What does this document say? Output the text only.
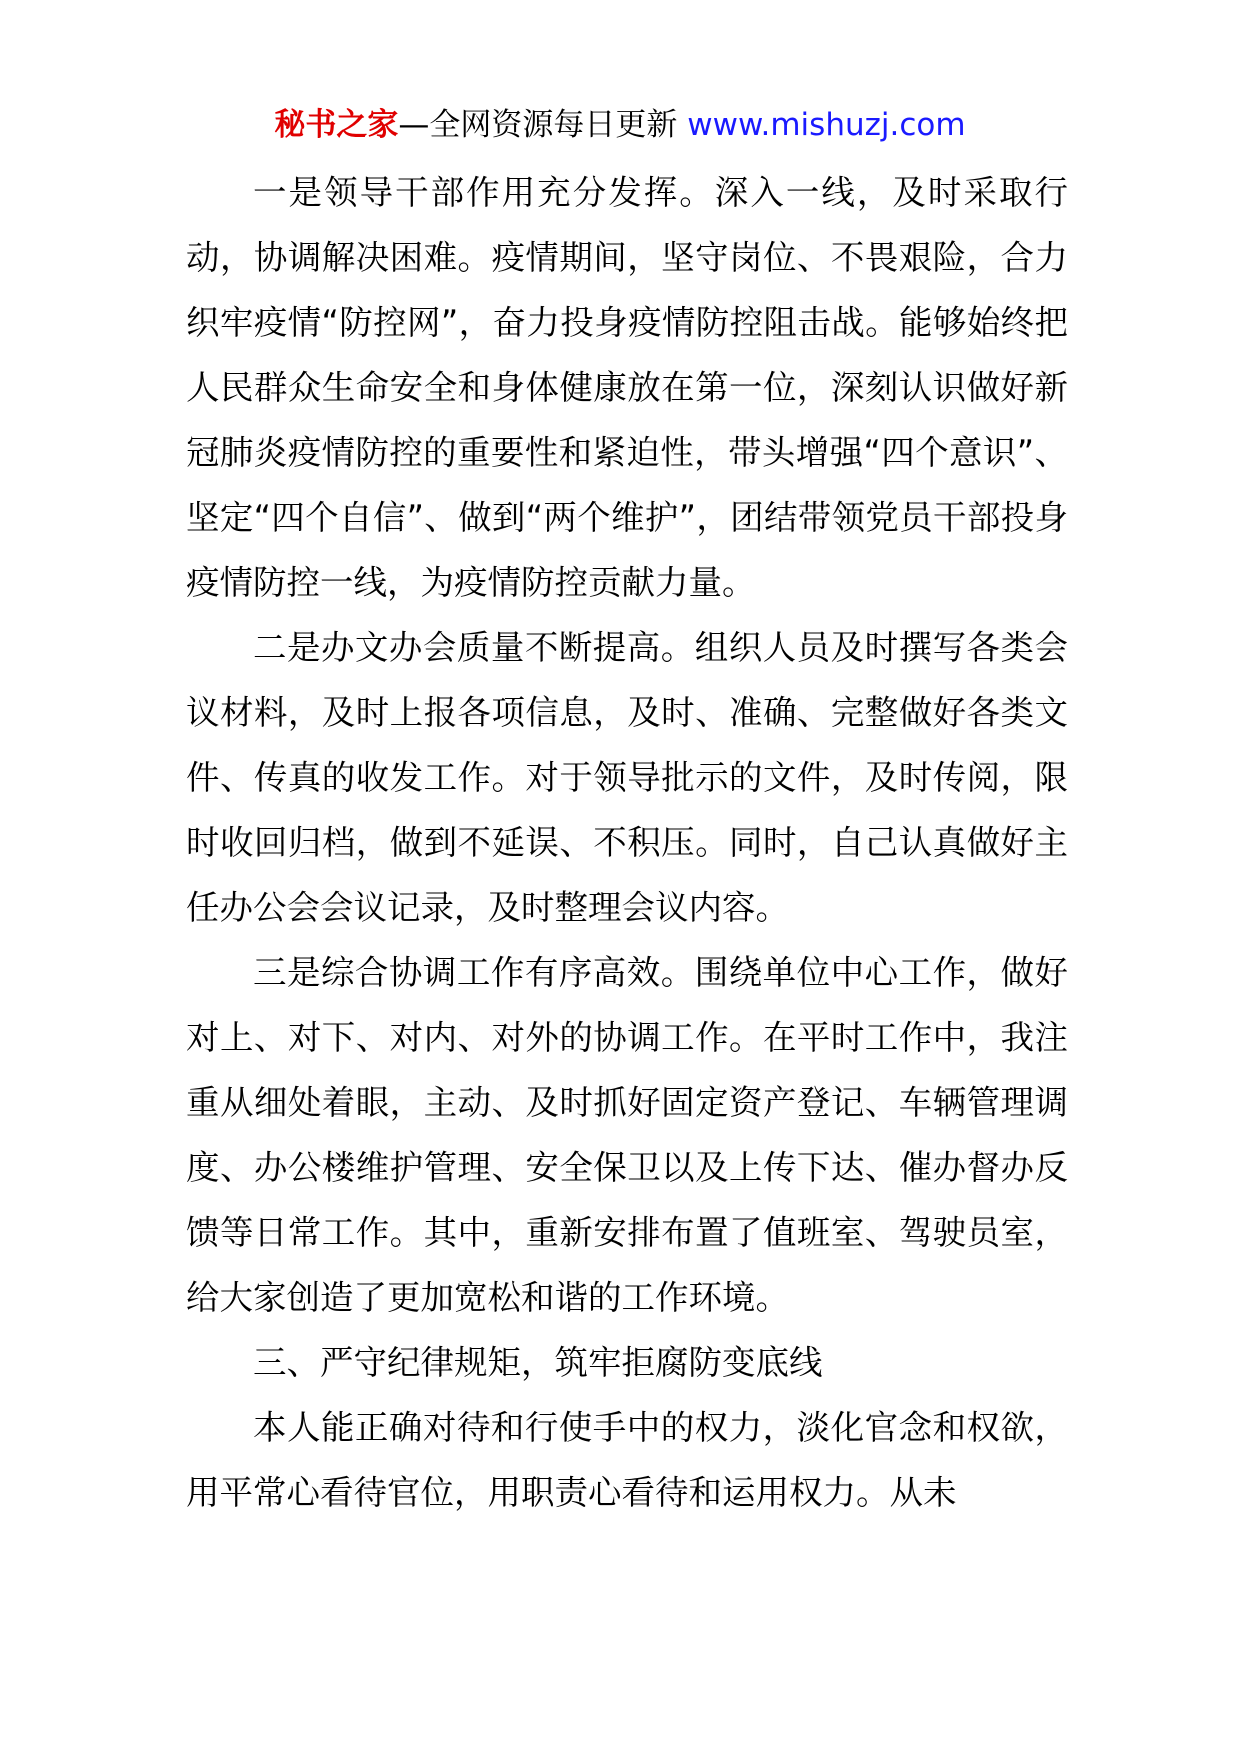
秘书之家—全网资源每日更新 www.mishuzj.com

一是领导干部作用充分发挥。深入一线，及时采取行动，协调解决困难。疫情期间，坚守岗位、不畏艰险，合力织牢疫情“防控网”，奋力投身疫情防控阻击战。能够始终把人民群众生命安全和身体健康放在第一位，深刻认识做好新冠肺炎疫情防控的重要性和紧迫性，带头增强“四个意识”、坚定“四个自信”、做到“两个维护”，团结带领党员干部投身疫情防控一线，为疫情防控贡献力量。

二是办文办会质量不断提高。组织人员及时撰写各类会议材料，及时上报各项信息，及时、准确、完整做好各类文件、传真的收发工作。对于领导批示的文件，及时传阅，限时收回归档，做到不延误、不积压。同时，自己认真做好主任办公会会议记录，及时整理会议内容。

三是综合协调工作有序高效。围绕单位中心工作，做好对上、对下、对内、对外的协调工作。在平时工作中，我注重从细处着眼，主动、及时抓好固定资产登记、车辆管理调度、办公楼维护管理、安全保卫以及上传下达、催办督办反馈等日常工作。其中，重新安排布置了值班室、驾驶员室，给大家创造了更加宽松和谐的工作环境。

三、严守纪律规矩，筑牢拒腐防变底线

本人能正确对待和行使手中的权力，淡化官念和权欲，用平常心看待官位，用职责心看待和运用权力。从未
